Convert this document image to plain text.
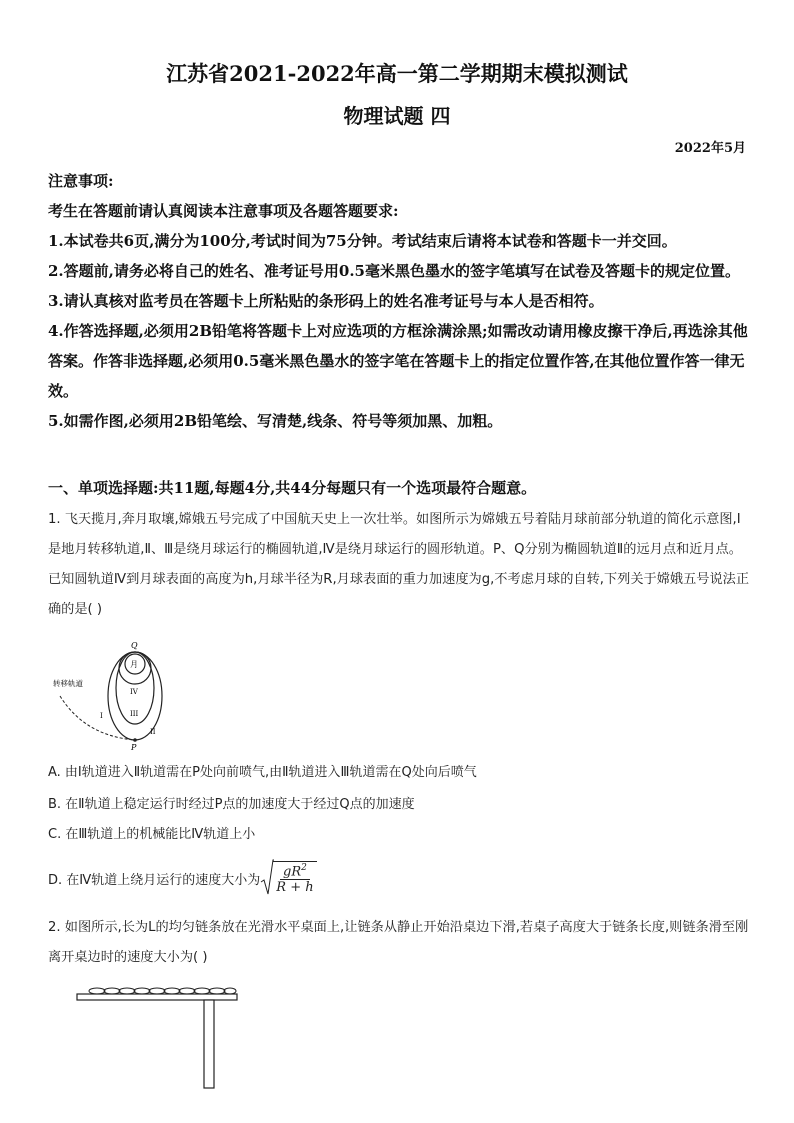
江苏省2021-2022年高一第二学期期末模拟测试
物理试题 四
2022年5月
注意事项:
考生在答题前请认真阅读本注意事项及各题答题要求:

1.本试卷共6页,满分为100分,考试时间为75分钟。考试结束后请将本试卷和答题卡一并交回。

2.答题前,请务必将自己的姓名、准考证号用0.5毫米黑色墨水的签字笔填写在试卷及答题卡的规定位置。

3.请认真核对监考员在答题卡上所粘贴的条形码上的姓名准考证号与本人是否相符。

4.作答选择题,必须用2B铅笔将答题卡上对应选项的方框涂满涂黑;如需改动请用橡皮擦干净后,再选涂其他答案。作答非选择题,必须用0.5毫米黑色墨水的签字笔在答题卡上的指定位置作答,在其他位置作答一律无效。

5.如需作图,必须用2B铅笔绘、写清楚,线条、符号等须加黑、加粗。

一、单项选择题:共11题,每题4分,共44分每题只有一个选项最符合题意。
1. 飞天揽月,奔月取壤,嫦娥五号完成了中国航天史上一次壮举。如图所示为嫦娥五号着陆月球前部分轨道的简化示意图,Ⅰ是地月转移轨道,Ⅱ、Ⅲ是绕月球运行的椭圆轨道,Ⅳ是绕月球运行的圆形轨道。P、Q分别为椭圆轨道Ⅱ的远月点和近月点。已知圆轨道Ⅳ到月球表面的高度为h,月球半径为R,月球表面的重力加速度为g,不考虑月球的自转,下列关于嫦娥五号说法正确的是( )
Q
P
月
转移轨道
I
II
III
IV
A. 由Ⅰ轨道进入Ⅱ轨道需在P处向前喷气,由Ⅱ轨道进入Ⅲ轨道需在Q处向后喷气
B. 在Ⅱ轨道上稳定运行时经过P点的加速度大于经过Q点的加速度
C. 在Ⅲ轨道上的机械能比Ⅳ轨道上小
D. 在Ⅳ轨道上绕月运行的速度大小为 $\frac{gR^2}{R + h}$
2. 如图所示,长为L的均匀链条放在光滑水平桌面上,让链条从静止开始沿桌边下滑,若桌子高度大于链条长度,则链条滑至刚离开桌边时的速度大小为( )
